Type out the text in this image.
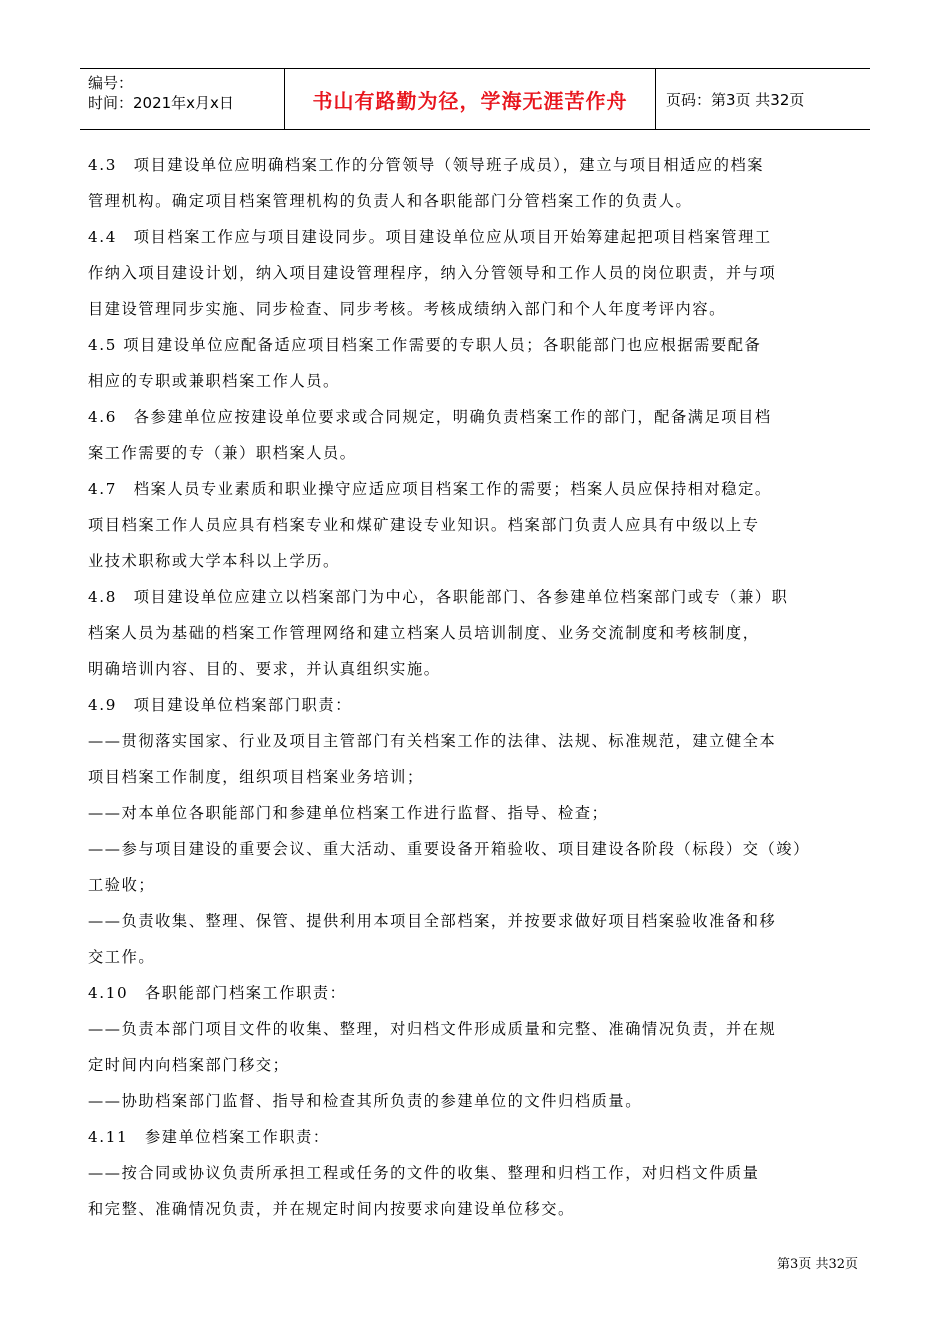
编号：
时间：2021年x月x日	书山有路勤为径，学海无涯苦作舟	页码：第3页 共32页

4.3　项目建设单位应明确档案工作的分管领导（领导班子成员），建立与项目相适应的档案

管理机构。确定项目档案管理机构的负责人和各职能部门分管档案工作的负责人。

4.4　项目档案工作应与项目建设同步。项目建设单位应从项目开始筹建起把项目档案管理工

作纳入项目建设计划，纳入项目建设管理程序，纳入分管领导和工作人员的岗位职责，并与项

目建设管理同步实施、同步检查、同步考核。考核成绩纳入部门和个人年度考评内容。

4.5 项目建设单位应配备适应项目档案工作需要的专职人员；各职能部门也应根据需要配备

相应的专职或兼职档案工作人员。

4.6　各参建单位应按建设单位要求或合同规定，明确负责档案工作的部门，配备满足项目档

案工作需要的专（兼）职档案人员。

4.7　档案人员专业素质和职业操守应适应项目档案工作的需要；档案人员应保持相对稳定。

项目档案工作人员应具有档案专业和煤矿建设专业知识。档案部门负责人应具有中级以上专

业技术职称或大学本科以上学历。

4.8　项目建设单位应建立以档案部门为中心，各职能部门、各参建单位档案部门或专（兼）职

档案人员为基础的档案工作管理网络和建立档案人员培训制度、业务交流制度和考核制度，

明确培训内容、目的、要求，并认真组织实施。

4.9　项目建设单位档案部门职责：

——贯彻落实国家、行业及项目主管部门有关档案工作的法律、法规、标准规范，建立健全本

项目档案工作制度，组织项目档案业务培训；

——对本单位各职能部门和参建单位档案工作进行监督、指导、检查；

——参与项目建设的重要会议、重大活动、重要设备开箱验收、项目建设各阶段（标段）交（竣）

工验收；

——负责收集、整理、保管、提供利用本项目全部档案，并按要求做好项目档案验收准备和移

交工作。

4.10　各职能部门档案工作职责：

——负责本部门项目文件的收集、整理，对归档文件形成质量和完整、准确情况负责，并在规

定时间内向档案部门移交；

——协助档案部门监督、指导和检查其所负责的参建单位的文件归档质量。

4.11　参建单位档案工作职责：

——按合同或协议负责所承担工程或任务的文件的收集、整理和归档工作，对归档文件质量

和完整、准确情况负责，并在规定时间内按要求向建设单位移交。

第3页 共32页
